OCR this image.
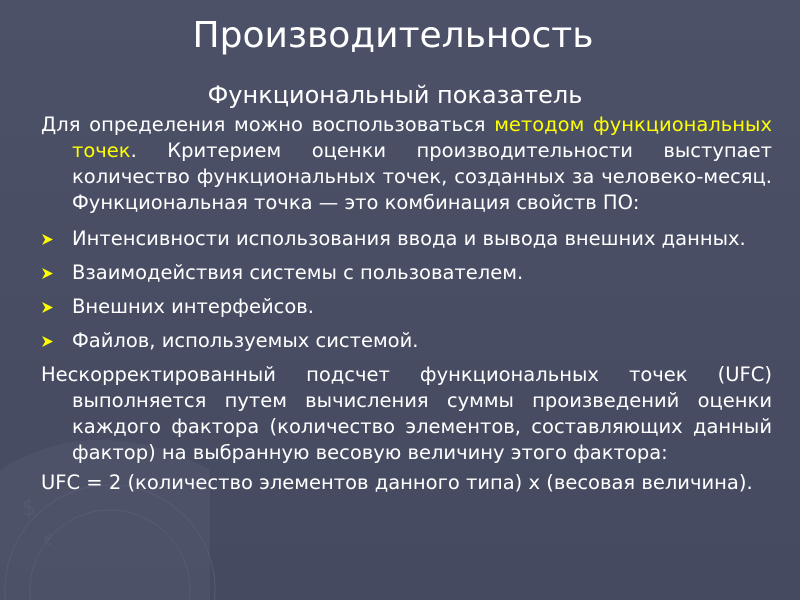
$
€
Производительность
Функциональный показатель

Для определения можно воспользоваться методом функциональных точек. Критерием оценки производительности выступает количество функциональных точек, созданных за человеко-месяц. Функциональная точка — это комбинация свойств ПО:

Интенсивности использования ввода и вывода внешних данных.
Взаимодействия системы с пользователем.
Внешних интерфейсов.
Файлов, используемых системой.

Нескорректированный подсчет функциональных точек (UFC) выполняется путем вычисления суммы произведений оценки каждого фактора (количество элементов, составляющих данный фактор) на выбранную весовую величину этого фактора:

UFC = 2 (количество элементов данного типа) x (весовая величина).
